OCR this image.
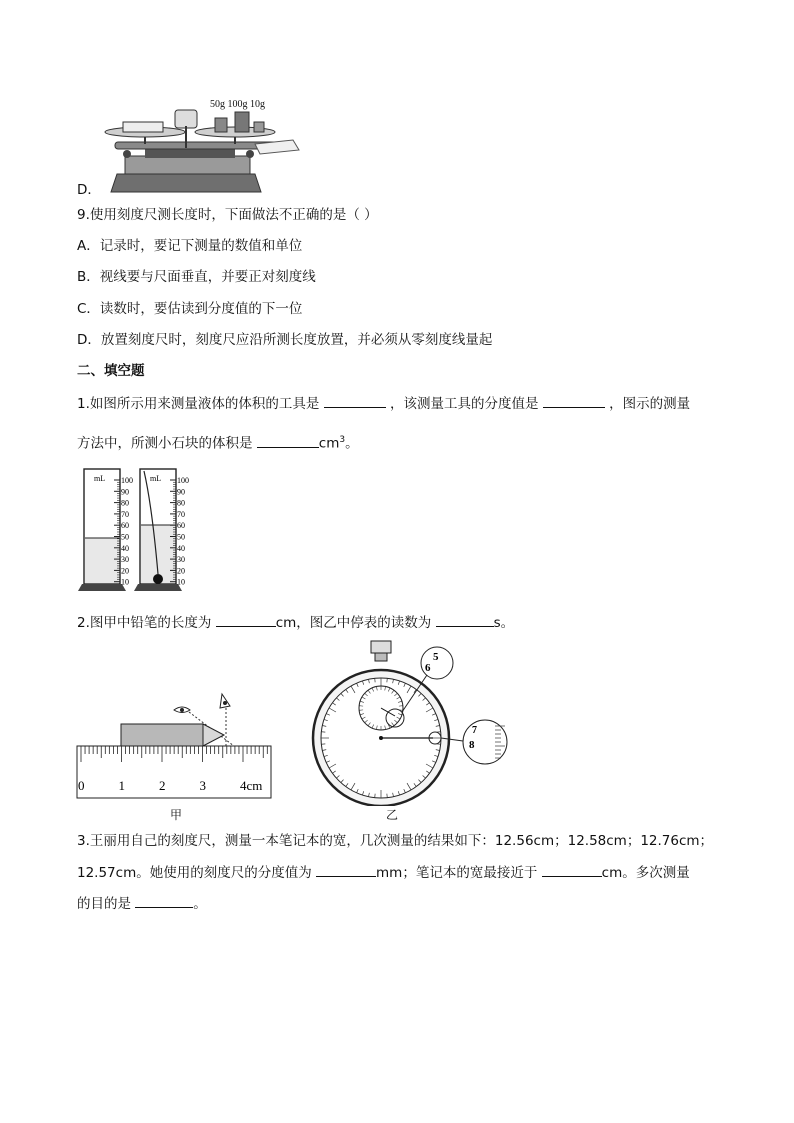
50g 100g 10g
D．
9.使用刻度尺测长度时，下面做法不正确的是（ ）
A．记录时，要记下测量的数值和单位
B．视线要与尺面垂直，并要正对刻度线
C．读数时，要估读到分度值的下一位
D．放置刻度尺时，刻度尺应沿所测长度放置，并必须从零刻度线量起
二、填空题
1.如图所示用来测量液体的体积的工具是	，该测量工具的分度值是	，图示的测量
方法中，所测小石块的体积是	$cm^3$。
mL 100
90
80
70
60
50
40
30
20
10
mL 100
90
80
70
60
50
40
30
20
10
2.图甲中铅笔的长度为	cm，图乙中停表的读数为	s。
0	1	2	3	4cm
甲
5
6
7
8
乙
3.王丽用自己的刻度尺，测量一本笔记本的宽，几次测量的结果如下：12.56cm；12.58cm；12.76cm；
12.57cm。她使用的刻度尺的分度值为	mm；笔记本的宽最接近于	cm。多次测量
的目的是	。
